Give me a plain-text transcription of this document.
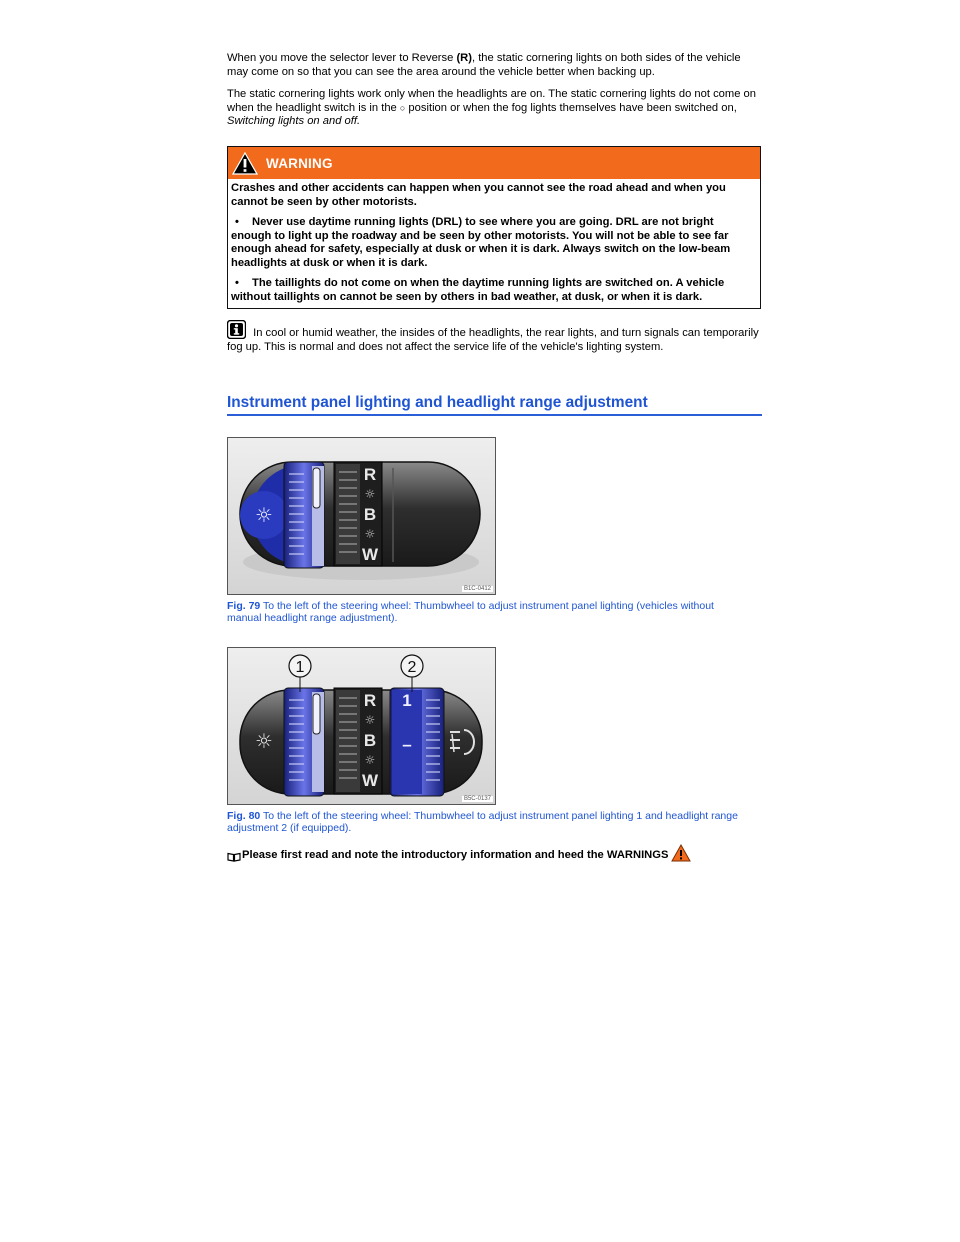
When you move the selector lever to Reverse (R), the static cornering lights on both sides of the vehicle may come on so that you can see the area around the vehicle better when backing up.

The static cornering lights work only when the headlights are on. The static cornering lights do not come on when the headlight switch is in the ○ position or when the fog lights themselves have been switched on, Switching lights on and off.

WARNING
Crashes and other accidents can happen when you cannot see the road ahead and when you cannot be seen by other motorists.
• Never use daytime running lights (DRL) to see where you are going. DRL are not bright enough to light up the roadway and be seen by other motorists. You will not be able to see far enough ahead for safety, especially at dusk or when it is dark. Always switch on the low-beam headlights at dusk or when it is dark.
• The taillights do not come on when the daytime running lights are switched on. A vehicle without taillights on cannot be seen by others in bad weather, at dusk, or when it is dark.
In cool or humid weather, the insides of the headlights, the rear lights, and turn signals can temporarily fog up. This is normal and does not affect the service life of the vehicle's lighting system.
Instrument panel lighting and headlight range adjustment
☼
R
☼
B
☼
W
B1C-0412
Fig. 79 To the left of the steering wheel: Thumbwheel to adjust instrument panel lighting (vehicles without manual headlight range adjustment).
☼
R
☼
B
☼
W
1
–
1	2
B5C-0137
Fig. 80 To the left of the steering wheel: Thumbwheel to adjust instrument panel lighting 1 and headlight range adjustment 2 (if equipped).
Please first read and note the introductory information and heed the WARNINGS
